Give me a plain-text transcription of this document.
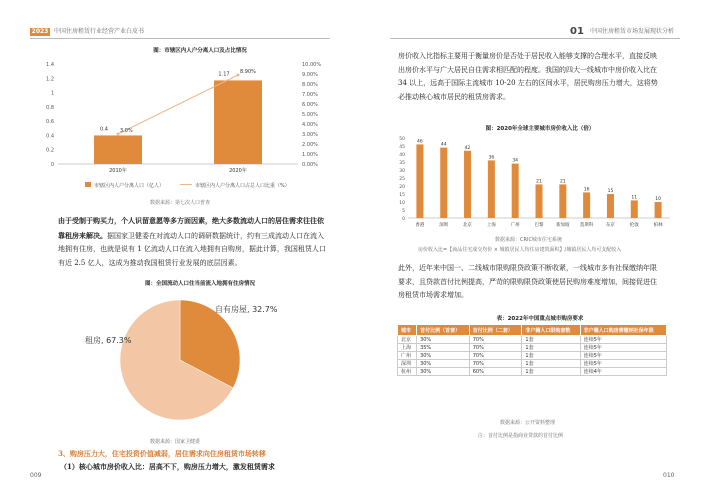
2023 中国住房租赁行业经营产业白皮书	01 中国住房租赁市场发展现状分析
图：市辖区内人户分离人口及占比情况
0
0.2
0.4
0.6
0.8
1
1.2
1.4
0.00%
1.00%
2.00%
3.00%
4.00%
5.00%
6.00%
7.00%
8.00%
9.00%
10.00%
0.4
2010年
1.17
2020年
3.0%
8.90%
市辖区内人户分离人口（亿人）	市辖区内人户分离人口占总人口比重（%）
数据来源：第七次人口普查
由于受制于购买力，个人识留意愿等多方面因素，绝大多数流动人口的居住需求往往依靠租房来解决。据国家卫健委在对流动人口的调研数据统计，约有三成流动人口在流入地拥有住房，也就是说有 1 亿流动人口在流入地拥有自购房，据此计算，我国租赁人口有近 2.5 亿人，这成为推动我国租赁行业发展的底层因素。
图：全国流动人口住当前流入地拥有住房情况
自有房屋, 32.7%
租房, 67.3%
数据来源：国家卫健委
3、购房压力大，住宅投资价值减弱，居住需求向住房租赁市场转移
（1）核心城市房价收入比：居高不下，购房压力增大，激发租赁需求
009
房价收入比指标主要用于衡量房价是否处于居民收入能够支撑的合理水平，直接反映出房价水平与广大居民自住需求相匹配的程度。我国的四大一线城市中房价收入比在 34 以上，远高于国际主流城市 10-20 左右的区间水平，居民购房压力增大，这将势必推动核心城市居民的租赁房需求。
图：2020年全球主要城市房价收入比（倍）
0
5
10
15
20
25
30
35
40
45
50	46
香港
44
深圳
42
北京
36
上海
34
广州
21
巴黎
21
新加坡
16
莫斯科
15
东京
11
伦敦
10
柏林
数据来源：CRIC城市住宅系统
房价收入比=【商品住宅成交均价 × 城镇居民人均住房建筑面积】/城镇居民人均可支配收入
此外，近年来中国一、二线城市限购限贷政策不断收紧，一线城市多有社保缴纳年限要求，且贷款首付比例提高，严苛的限购限贷政策使居民购房难度增加，间接促进住房租赁市场需求增加。
表：2022年中国重点城市购房要求
城市	首付比例（首套）	首付比例（二套）	非户籍人口限购套数	非户籍人口购房需缴纳社保年限
北京	30%	70%	1套	连续5年
上海	35%	70%	1套	连续5年
广州	30%	70%	1套	连续5年
深圳	30%	70%	1套	连续5年
杭州	30%	60%	1套	连续4年
数据来源：公开资料整理
注：首付比例是指商业贷款的首付比例
010
